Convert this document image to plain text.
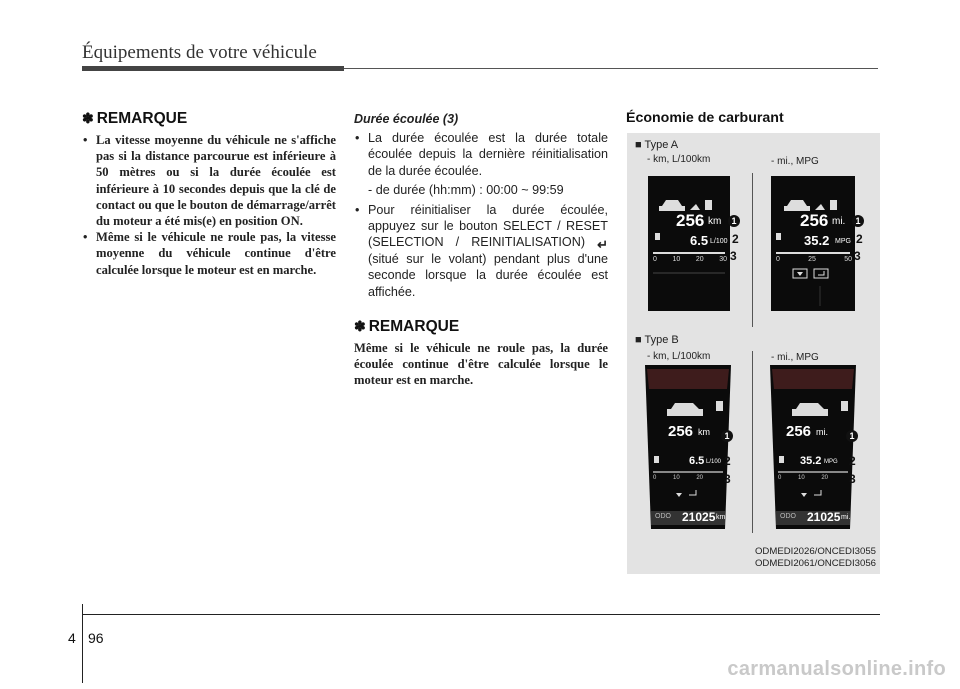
Équipements de votre véhicule
✽ REMARQUE
• La vitesse moyenne du véhicule ne s'affiche pas si la distance parcourue est inférieure à 50 mètres ou si la durée écoulée est inférieure à 10 secondes depuis que la clé de contact ou que le bouton de démarrage/arrêt du moteur a été mis(e) en position ON.
• Même si le véhicule ne roule pas, la vitesse moyenne du véhicule continue d'être calculée lorsque le moteur est en marche.
Durée écoulée (3)
• La durée écoulée est la durée totale écoulée depuis la dernière réinitialisation de la durée écoulée.
- de durée (hh:mm) : 00:00 ~ 99:59
• Pour réinitialiser la durée écoulée, appuyez sur le bouton SELECT / RESET (SELECTION / REINITIALISATION) ↵ (situé sur le volant) pendant plus d'une seconde lorsque la durée écoulée est affichée.
✽ REMARQUE
Même si le véhicule ne roule pas, la durée écoulée continue d'être calculée lorsque le moteur est en marche.
Économie de carburant
■ Type A
- km, L/100km	- mi., MPG
256 km
6.5 L/100
0 10 20 30
1
2
3
256 mi.
35.2 MPG
0	25	50
1
2
3
■ Type B
- km, L/100km	- mi., MPG
256 km
6.5 L/100
0	10	20
ODO 21025 km
1
2
3
256 mi.
35.2 MPG
0	10	20
ODO 21025 mi.
1
2
3
ODMEDI2026/ONCEDI3055
ODMEDI2061/ONCEDI3056
4 96
carmanualsonline.info
